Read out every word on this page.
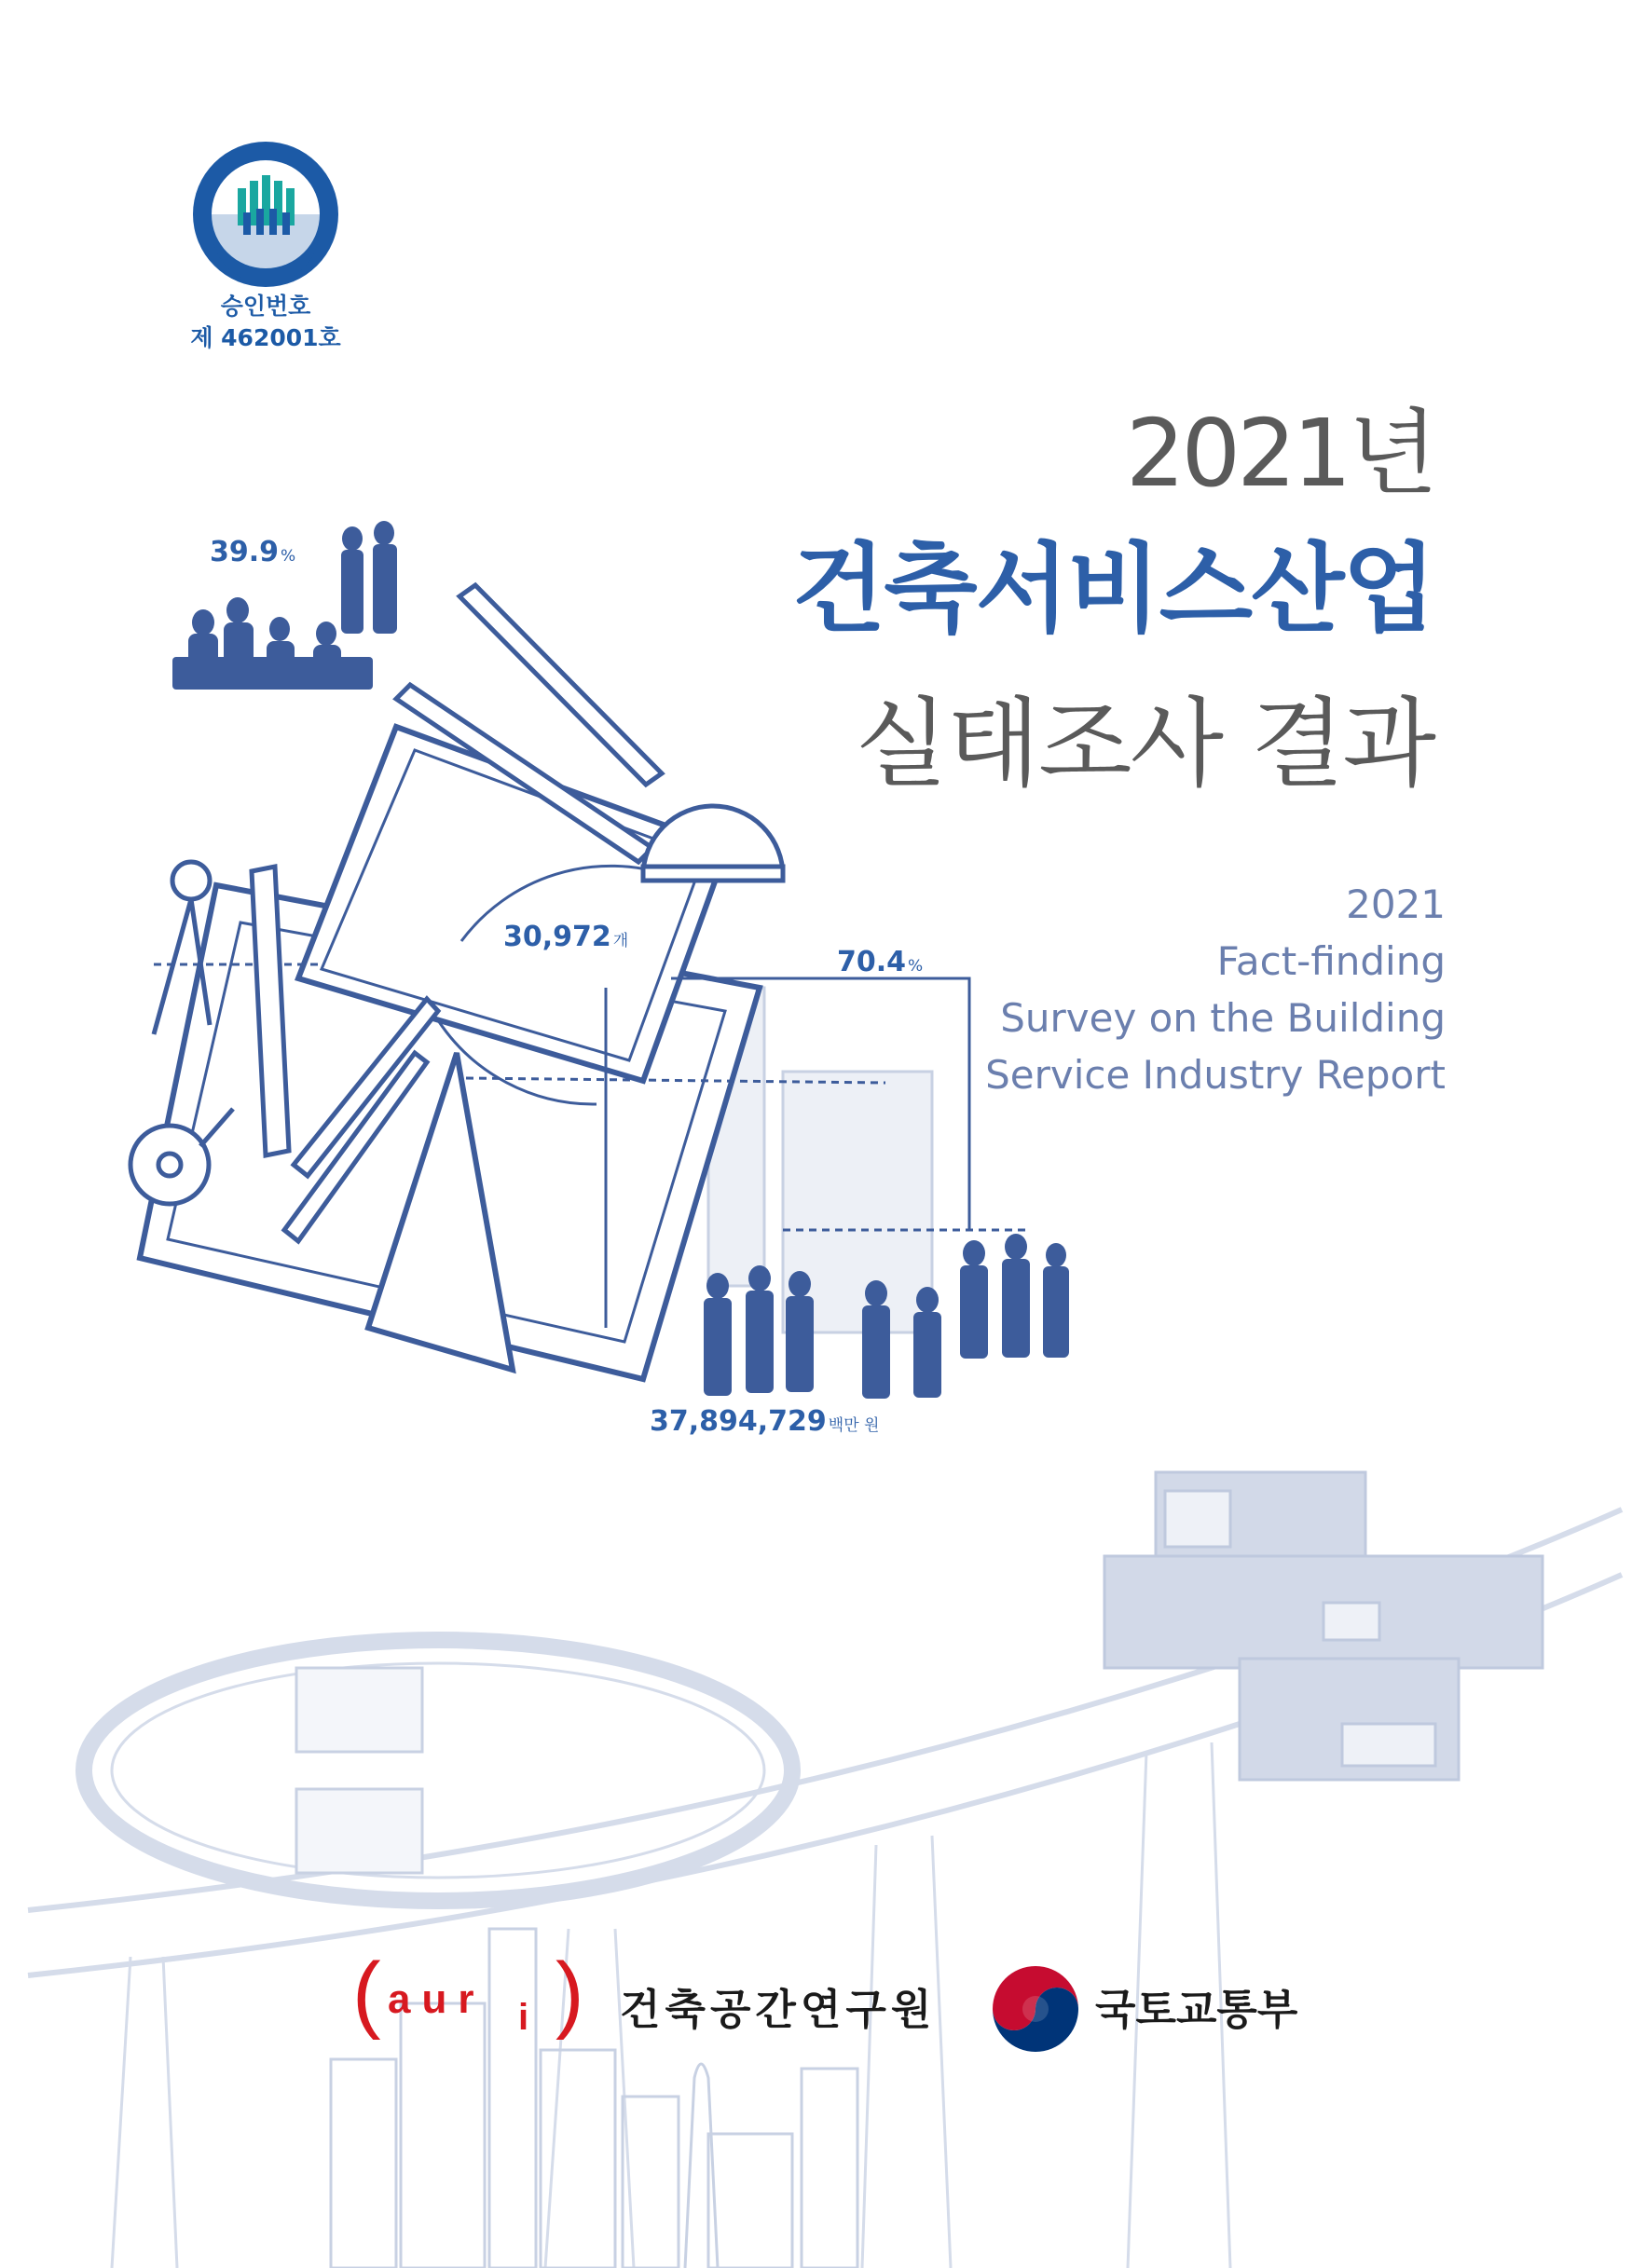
승인번호
제 462001호
2021년
건축서비스산업
실태조사 결과
2021
Fact-finding
Survey on the Building
Service Industry Report
39.9 %
30,972 개
70.4 %
37,894,729 백만 원
( aur i ) 건축공간연구원	국토교통부
